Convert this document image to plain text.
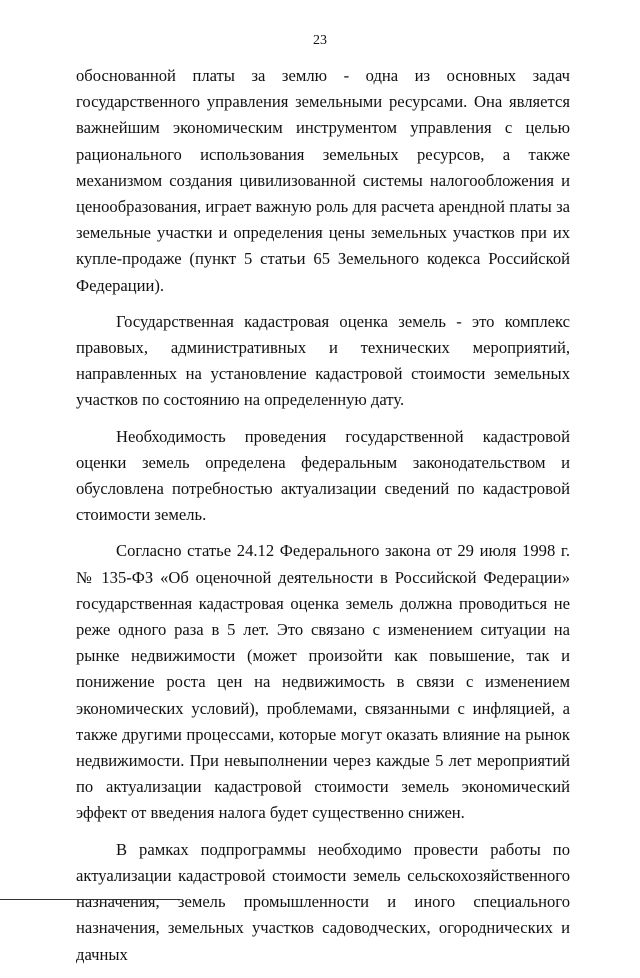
23

обоснованной платы за землю - одна из основных задач государственного управления земельными ресурсами. Она является важнейшим экономическим инструментом управления с целью рационального использования земельных ресурсов, а также механизмом создания цивилизованной системы налогообложения и ценообразования, играет важную роль для расчета арендной платы за земельные участки и определения цены земельных участков при их купле-продаже (пункт 5 статьи 65 Земельного кодекса Российской Федерации).

Государственная кадастровая оценка земель - это комплекс правовых, административных и технических мероприятий, направленных на установление кадастровой стоимости земельных участков по состоянию на определенную дату.

Необходимость проведения государственной кадастровой оценки земель определена федеральным законодательством и обусловлена потребностью актуализации сведений по кадастровой стоимости земель.

Согласно статье 24.12 Федерального закона от 29 июля 1998 г. № 135-ФЗ «Об оценочной деятельности в Российской Федерации» государственная кадастровая оценка земель должна проводиться не реже одного раза в 5 лет. Это связано с изменением ситуации на рынке недвижимости (может произойти как повышение, так и понижение роста цен на недвижимость в связи с изменением экономических условий), проблемами, связанными с инфляцией, а также другими процессами, которые могут оказать влияние на рынок недвижимости. При невыполнении через каждые 5 лет мероприятий по актуализации кадастровой стоимости земель экономический эффект от введения налога будет существенно снижен.

В рамках подпрограммы необходимо провести работы по актуализации кадастровой стоимости земель сельскохозяйственного назначения, земель промышленности и иного специального назначения, земельных участков садоводческих, огороднических и дачных
